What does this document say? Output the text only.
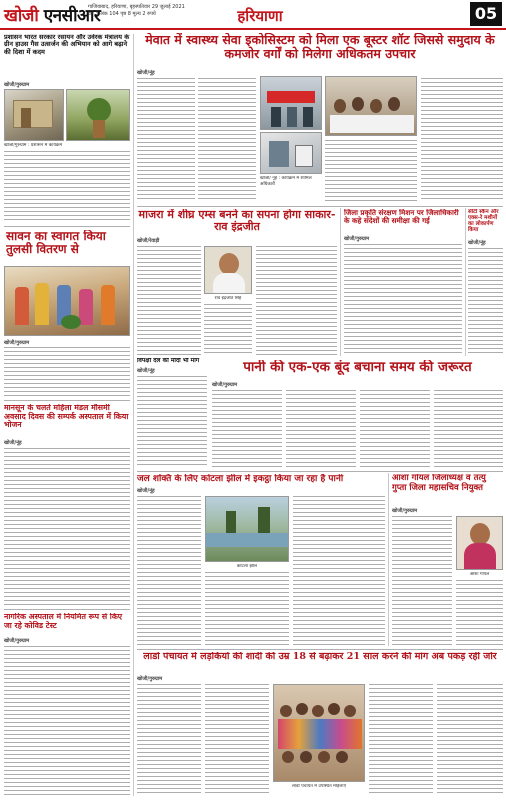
खोजी एनसीआर
गाजियाबाद, हरियाणा, बृहस्पतिवार 29 जुलाई 2021
वर्ष 3 अंक 104 पृष्ठ 8 मूल्य 2 रुपये	हरियाणा	05
प्रशासन भारत सरकार रसायन और उर्वरक मंत्रालय के ग्रीन हाउस गैस उत्सर्जन की अभियान को आगे बढ़ाने की दिशा में कदम
खोजी/गुरुग्राम
खोजी/गुरुग्राम : प्रशासन में कार्यक्रम
सावन का स्वागत किया तुलसी वितरण से
खोजी/गुरुग्राम
मानसून के चलते महिला मंडल मौसमी अवसाद दिवस की सम्पर्क अस्पताल में किया भोजन
खोजी/नूंह
नागरिक अस्पताल में नियमित रूप से किए जा रहे कोविड टेस्ट
खोजी/गुरुग्राम
मेवात में स्वास्थ्य सेवा इकोसिस्टम को मिला एक बूस्टर शॉट जिससे समुदाय के कमजोर वर्गों को मिलेगा अधिकतम उपचार
खोजी/नूंह
खोजी/ नूंह : कार्यक्रम में शामिल अधिकारी
माजरा में शीघ्र एम्स बनने का सपना होगा साकार-राव इंद्रजीत
खोजी/रेवाड़ी
राव इंद्रजीत सिंह
जिला प्रकृति संरक्षण मिशन पर जिलाधिकारी के कहे संदेशों की समीक्षा की गई
खोजी/गुरुग्राम
सीटी स्कैन और एक्स-रे मशीनों का लोकार्पण किया
खोजी/नूंह
विपक्षी दल की मोदी भी मांग
खोजी/नूंह	पानी की एक-एक बूंद बचाना समय की जरूरत
खोजी/गुरुग्राम
जल शक्ति के लिए कोटला झील में इकट्ठा किया जा रहा है पानी
खोजी/नूंह
कोटला झील
आशा गोयल जिलाध्यक्ष व तत्यु गुप्ता जिला महासचिव नियुक्त
खोजी/गुरुग्राम
आशा गोयल
लाडो पंचायत में लड़कियों की शादी की उम्र 18 से बढ़ाकर 21 साल करने की मांग अब पकड़ रही जोर
खोजी/गुरुग्राम
लाडो पंचायत में उपस्थित महिलाएं
